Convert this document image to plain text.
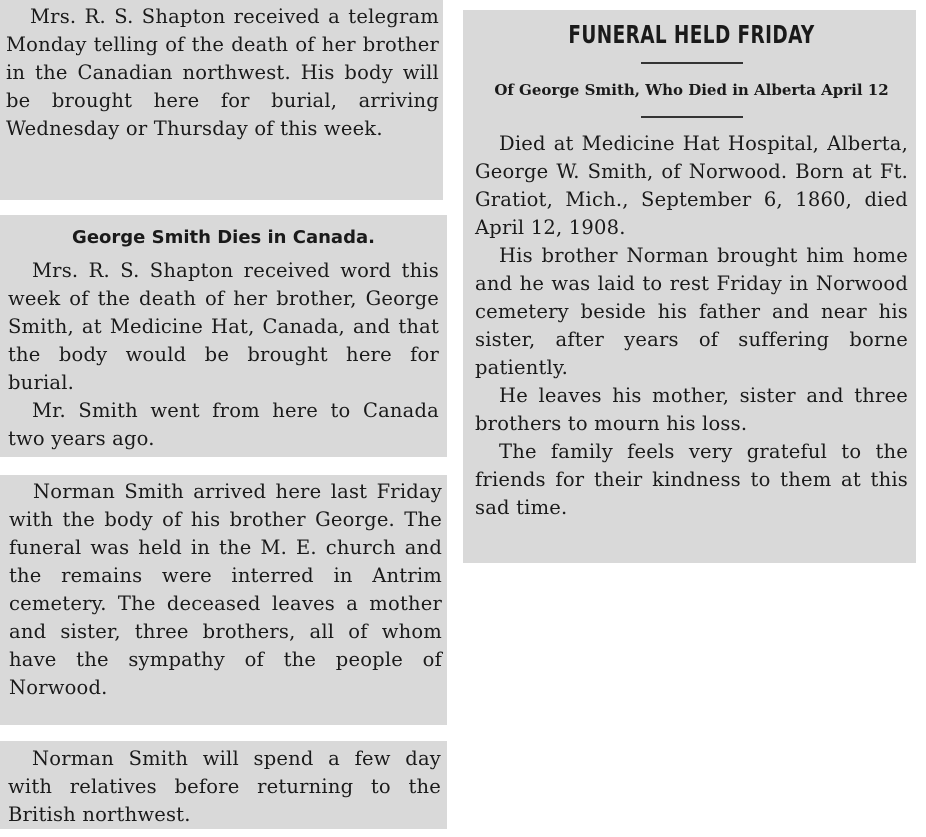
Mrs. R. S. Shapton received a telegram Monday telling of the death of her brother in the Canadian northwest. His body will be brought here for burial, arriving Wednesday or Thursday of this week.

George Smith Dies in Canada.

Mrs. R. S. Shapton received word this week of the death of her brother, George Smith, at Medicine Hat, Canada, and that the body would be brought here for burial.

Mr. Smith went from here to Canada two years ago.

Norman Smith arrived here last Friday with the body of his brother George. The funeral was held in the M. E. church and the remains were interred in Antrim cemetery. The deceased leaves a mother and sister, three brothers, all of whom have the sympathy of the people of Norwood.

Norman Smith will spend a few day with relatives before returning to the British northwest.

FUNERAL HELD FRIDAY
Of George Smith, Who Died in Alberta April 12

Died at Medicine Hat Hospital, Alberta, George W. Smith, of Norwood. Born at Ft. Gratiot, Mich., September 6, 1860, died April 12, 1908.

His brother Norman brought him home and he was laid to rest Friday in Norwood cemetery beside his father and near his sister, after years of suffering borne patiently.

He leaves his mother, sister and three brothers to mourn his loss.

The family feels very grateful to the friends for their kindness to them at this sad time.
